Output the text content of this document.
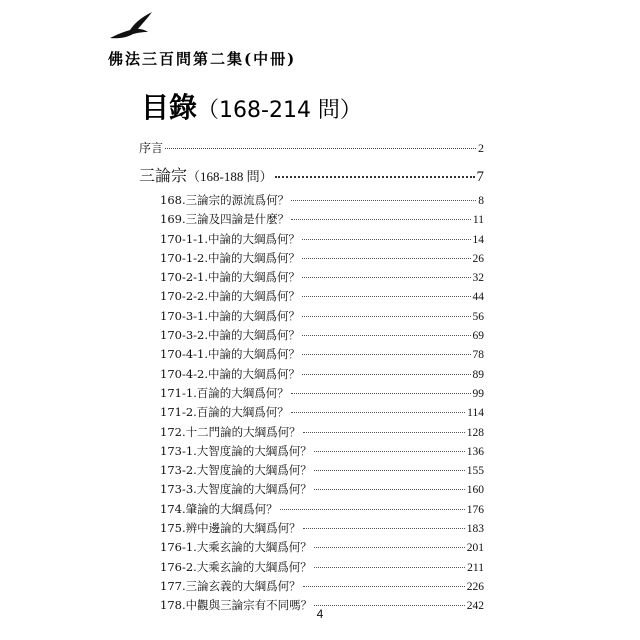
佛法三百問第二集(中冊)
目錄（168-214 問）
序言	2
三論宗 （168-188 問）	7
168.三論宗的源流爲何？	8
169.三論及四論是什麼？	11
170-1-1.中論的大綱爲何？	14
170-1-2.中論的大綱爲何？	26
170-2-1.中論的大綱爲何？	32
170-2-2.中論的大綱爲何？	44
170-3-1.中論的大綱爲何？	56
170-3-2.中論的大綱爲何？	69
170-4-1.中論的大綱爲何？	78
170-4-2.中論的大綱爲何？	89
171-1.百論的大綱爲何？	99
171-2.百論的大綱爲何？	114
172.十二門論的大綱爲何？	128
173-1.大智度論的大綱爲何？	136
173-2.大智度論的大綱爲何？	155
173-3.大智度論的大綱爲何？	160
174.肇論的大綱爲何？	176
175.辨中邊論的大綱爲何？	183
176-1.大乘玄論的大綱爲何？	201
176-2.大乘玄論的大綱爲何？	211
177.三論玄義的大綱爲何？	226
178.中觀與三論宗有不同嗎？	242
4
